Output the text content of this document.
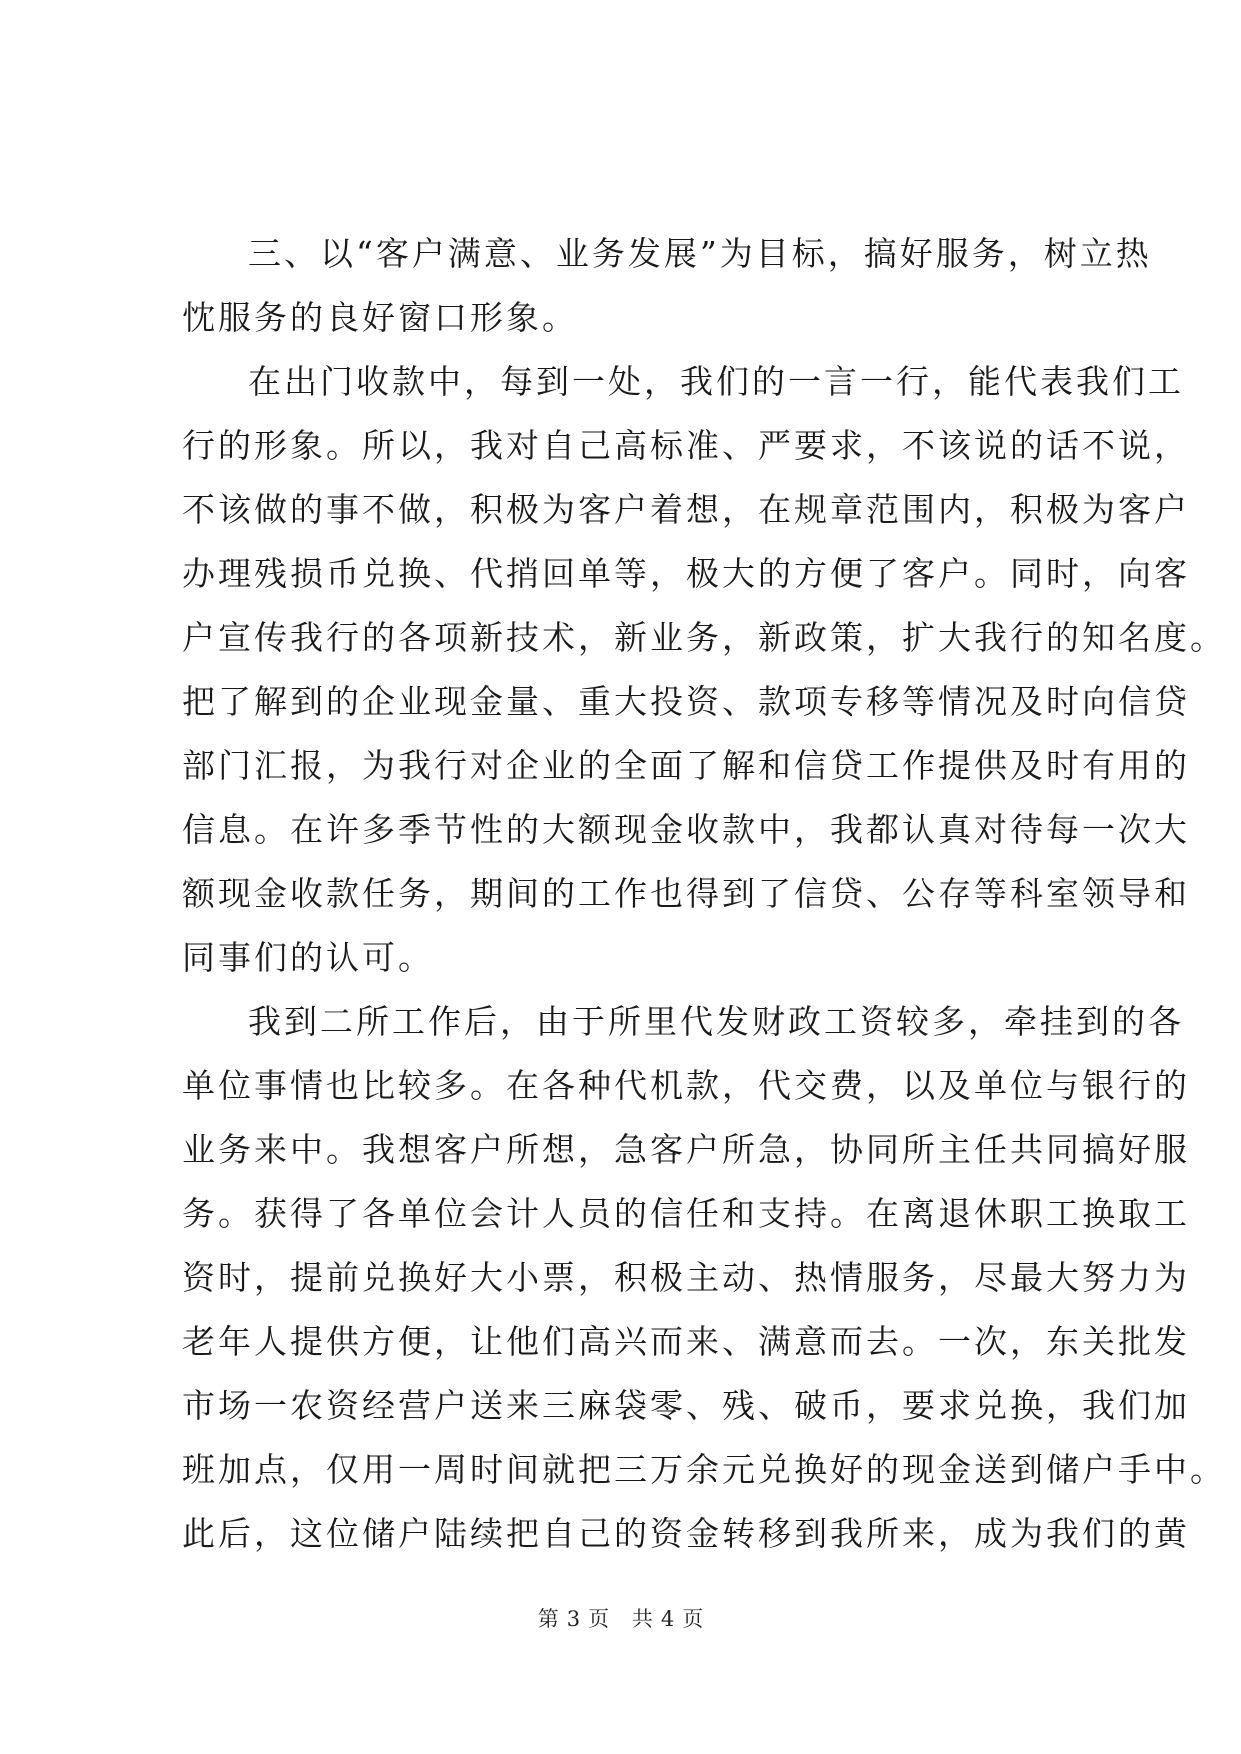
三、以“客户满意、业务发展”为目标，搞好服务，树立热
忱服务的良好窗口形象。
在出门收款中，每到一处，我们的一言一行，能代表我们工
行的形象。所以，我对自己高标准、严要求，不该说的话不说，
不该做的事不做，积极为客户着想，在规章范围内，积极为客户
办理残损币兑换、代捎回单等，极大的方便了客户。同时，向客
户宣传我行的各项新技术，新业务，新政策，扩大我行的知名度。
把了解到的企业现金量、重大投资、款项专移等情况及时向信贷
部门汇报，为我行对企业的全面了解和信贷工作提供及时有用的
信息。在许多季节性的大额现金收款中，我都认真对待每一次大
额现金收款任务，期间的工作也得到了信贷、公存等科室领导和
同事们的认可。
我到二所工作后，由于所里代发财政工资较多，牵挂到的各
单位事情也比较多。在各种代机款，代交费，以及单位与银行的
业务来中。我想客户所想，急客户所急，协同所主任共同搞好服
务。获得了各单位会计人员的信任和支持。在离退休职工换取工
资时，提前兑换好大小票，积极主动、热情服务，尽最大努力为
老年人提供方便，让他们高兴而来、满意而去。一次，东关批发
市场一农资经营户送来三麻袋零、残、破币，要求兑换，我们加
班加点，仅用一周时间就把三万余元兑换好的现金送到储户手中。
此后，这位储户陆续把自己的资金转移到我所来，成为我们的黄
第 3 页 共 4 页
